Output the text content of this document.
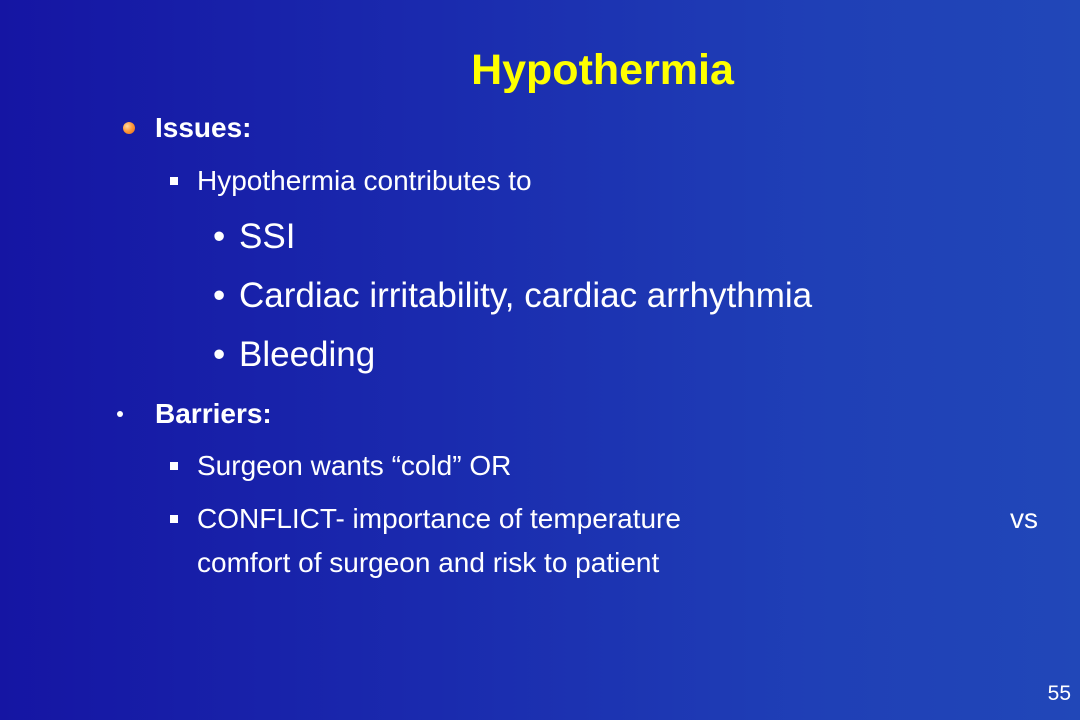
Hypothermia
Issues:
Hypothermia contributes to
• SSI
• Cardiac irritability, cardiac arrhythmia
• Bleeding
Barriers:
Surgeon wants “cold” OR
CONFLICT- importance of temperature	vs
comfort of surgeon and risk to patient
55
